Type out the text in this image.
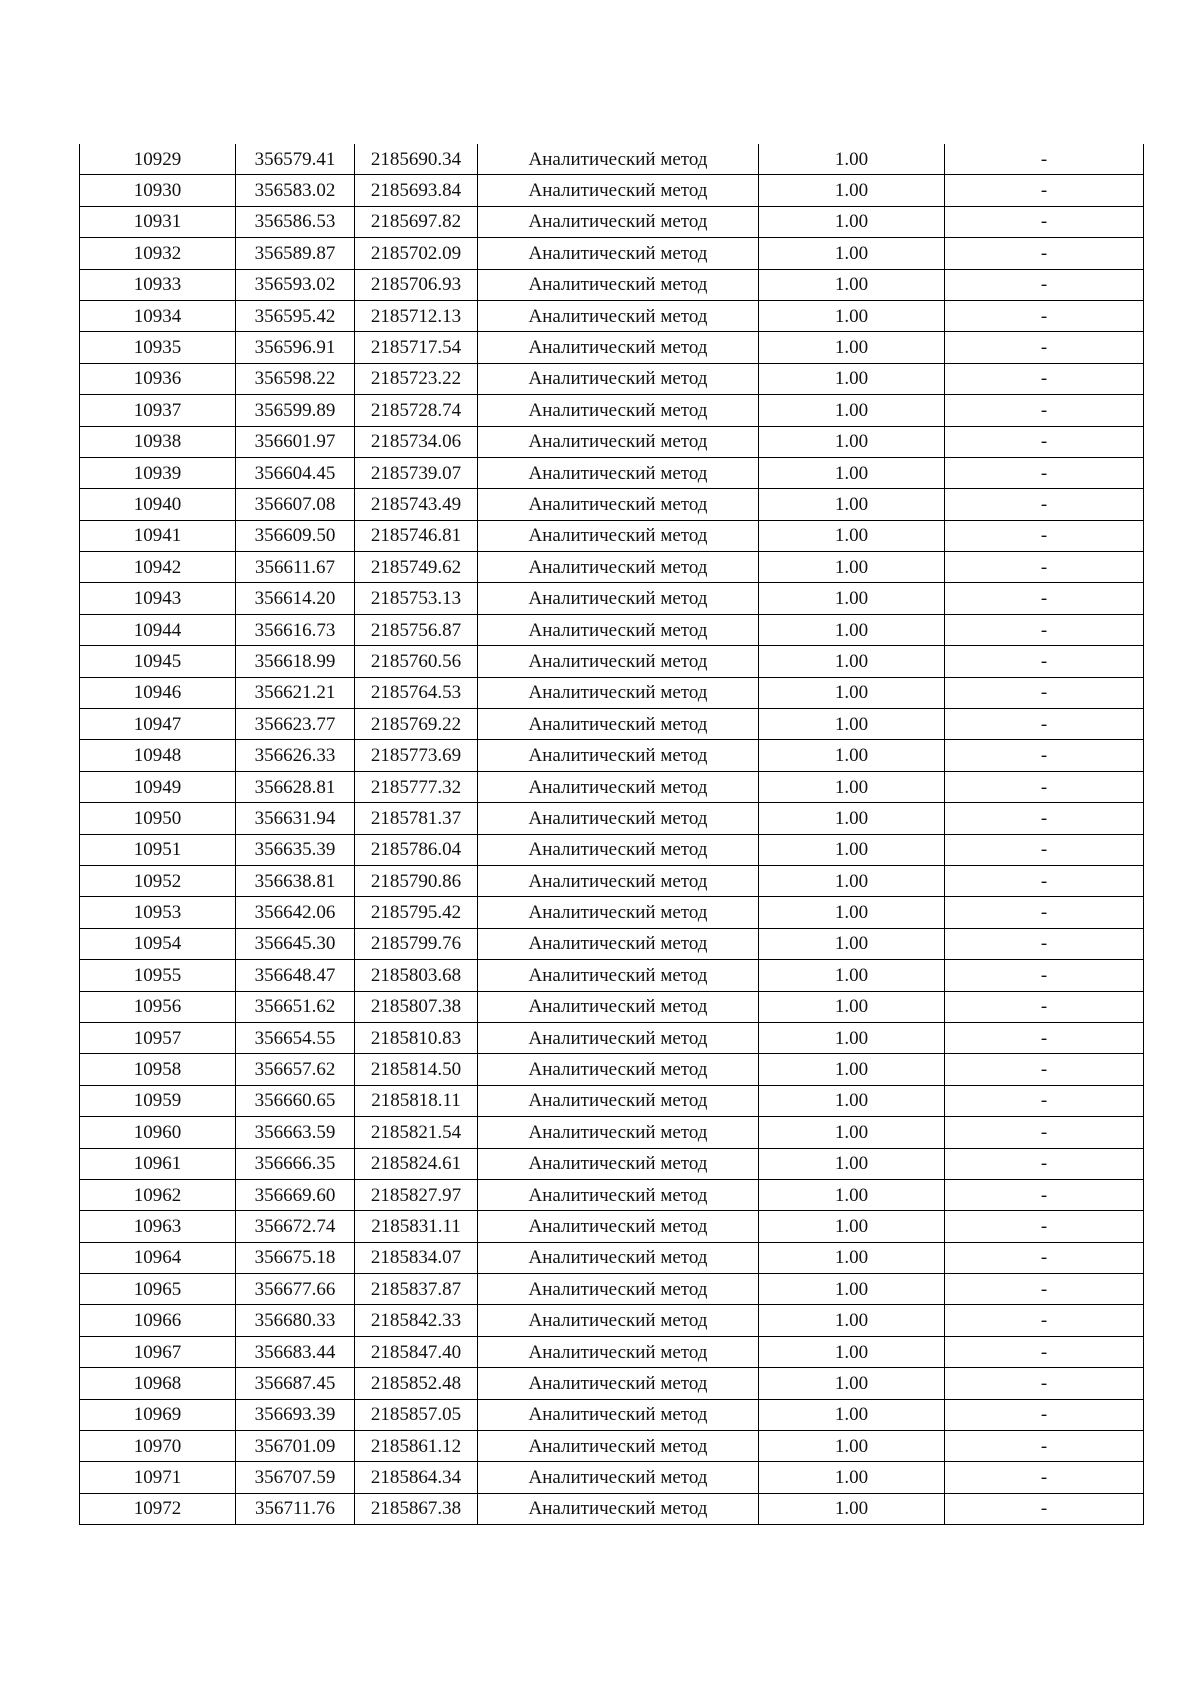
10929	356579.41	2185690.34	Аналитический метод	1.00	-
10930	356583.02	2185693.84	Аналитический метод	1.00	-
10931	356586.53	2185697.82	Аналитический метод	1.00	-
10932	356589.87	2185702.09	Аналитический метод	1.00	-
10933	356593.02	2185706.93	Аналитический метод	1.00	-
10934	356595.42	2185712.13	Аналитический метод	1.00	-
10935	356596.91	2185717.54	Аналитический метод	1.00	-
10936	356598.22	2185723.22	Аналитический метод	1.00	-
10937	356599.89	2185728.74	Аналитический метод	1.00	-
10938	356601.97	2185734.06	Аналитический метод	1.00	-
10939	356604.45	2185739.07	Аналитический метод	1.00	-
10940	356607.08	2185743.49	Аналитический метод	1.00	-
10941	356609.50	2185746.81	Аналитический метод	1.00	-
10942	356611.67	2185749.62	Аналитический метод	1.00	-
10943	356614.20	2185753.13	Аналитический метод	1.00	-
10944	356616.73	2185756.87	Аналитический метод	1.00	-
10945	356618.99	2185760.56	Аналитический метод	1.00	-
10946	356621.21	2185764.53	Аналитический метод	1.00	-
10947	356623.77	2185769.22	Аналитический метод	1.00	-
10948	356626.33	2185773.69	Аналитический метод	1.00	-
10949	356628.81	2185777.32	Аналитический метод	1.00	-
10950	356631.94	2185781.37	Аналитический метод	1.00	-
10951	356635.39	2185786.04	Аналитический метод	1.00	-
10952	356638.81	2185790.86	Аналитический метод	1.00	-
10953	356642.06	2185795.42	Аналитический метод	1.00	-
10954	356645.30	2185799.76	Аналитический метод	1.00	-
10955	356648.47	2185803.68	Аналитический метод	1.00	-
10956	356651.62	2185807.38	Аналитический метод	1.00	-
10957	356654.55	2185810.83	Аналитический метод	1.00	-
10958	356657.62	2185814.50	Аналитический метод	1.00	-
10959	356660.65	2185818.11	Аналитический метод	1.00	-
10960	356663.59	2185821.54	Аналитический метод	1.00	-
10961	356666.35	2185824.61	Аналитический метод	1.00	-
10962	356669.60	2185827.97	Аналитический метод	1.00	-
10963	356672.74	2185831.11	Аналитический метод	1.00	-
10964	356675.18	2185834.07	Аналитический метод	1.00	-
10965	356677.66	2185837.87	Аналитический метод	1.00	-
10966	356680.33	2185842.33	Аналитический метод	1.00	-
10967	356683.44	2185847.40	Аналитический метод	1.00	-
10968	356687.45	2185852.48	Аналитический метод	1.00	-
10969	356693.39	2185857.05	Аналитический метод	1.00	-
10970	356701.09	2185861.12	Аналитический метод	1.00	-
10971	356707.59	2185864.34	Аналитический метод	1.00	-
10972	356711.76	2185867.38	Аналитический метод	1.00	-
